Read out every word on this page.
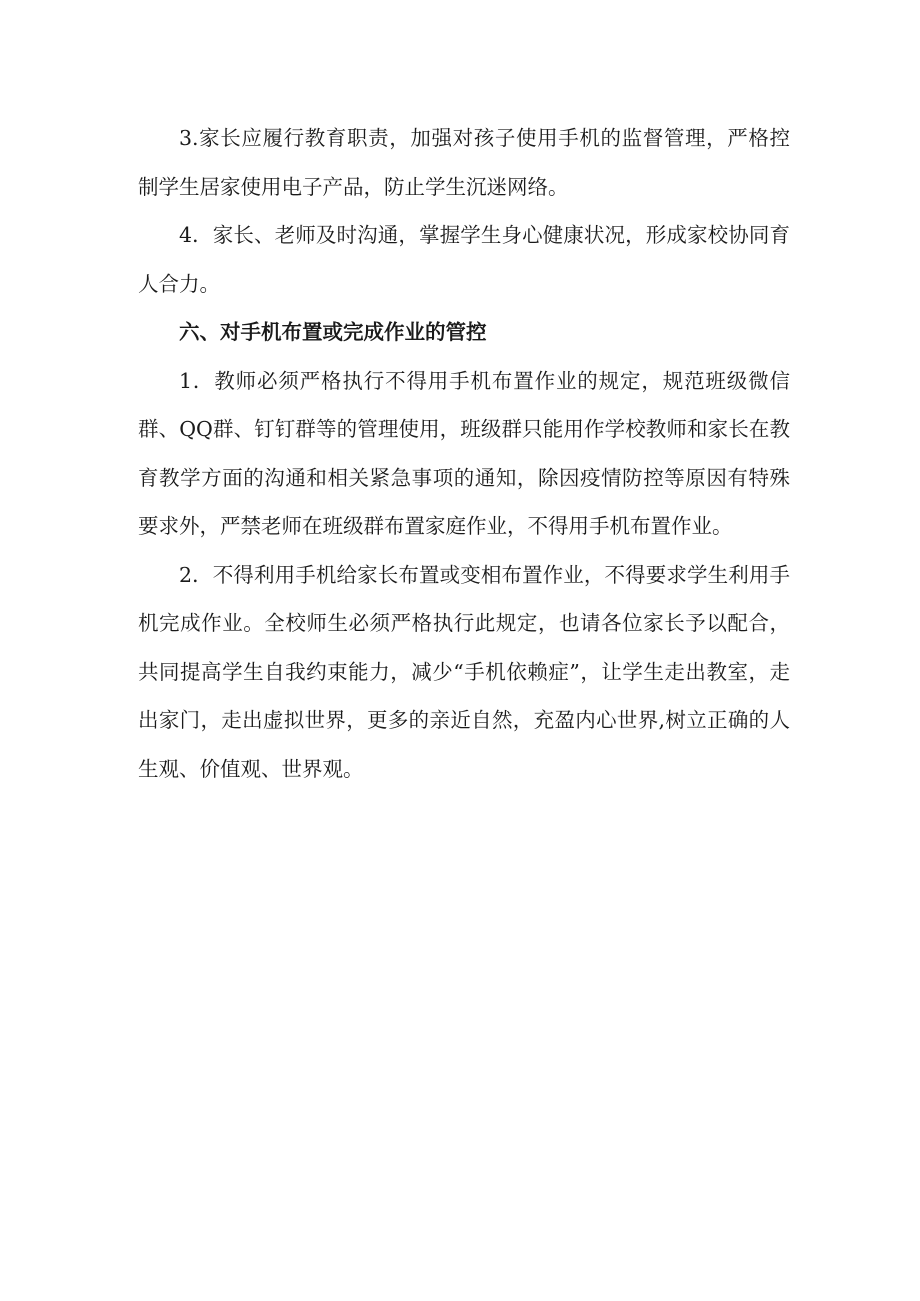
3.家长应履行教育职责，加强对孩子使用手机的监督管理，严格控制学生居家使用电子产品，防止学生沉迷网络。

4．家长、老师及时沟通，掌握学生身心健康状况，形成家校协同育人合力。

六、对手机布置或完成作业的管控

1．教师必须严格执行不得用手机布置作业的规定，规范班级微信群、QQ群、钉钉群等的管理使用，班级群只能用作学校教师和家长在教育教学方面的沟通和相关紧急事项的通知，除因疫情防控等原因有特殊要求外，严禁老师在班级群布置家庭作业，不得用手机布置作业。

2．不得利用手机给家长布置或变相布置作业，不得要求学生利用手机完成作业。全校师生必须严格执行此规定，也请各位家长予以配合，共同提高学生自我约束能力，减少“手机依赖症”，让学生走出教室，走出家门，走出虚拟世界，更多的亲近自然，充盈内心世界,树立正确的人生观、价值观、世界观。
